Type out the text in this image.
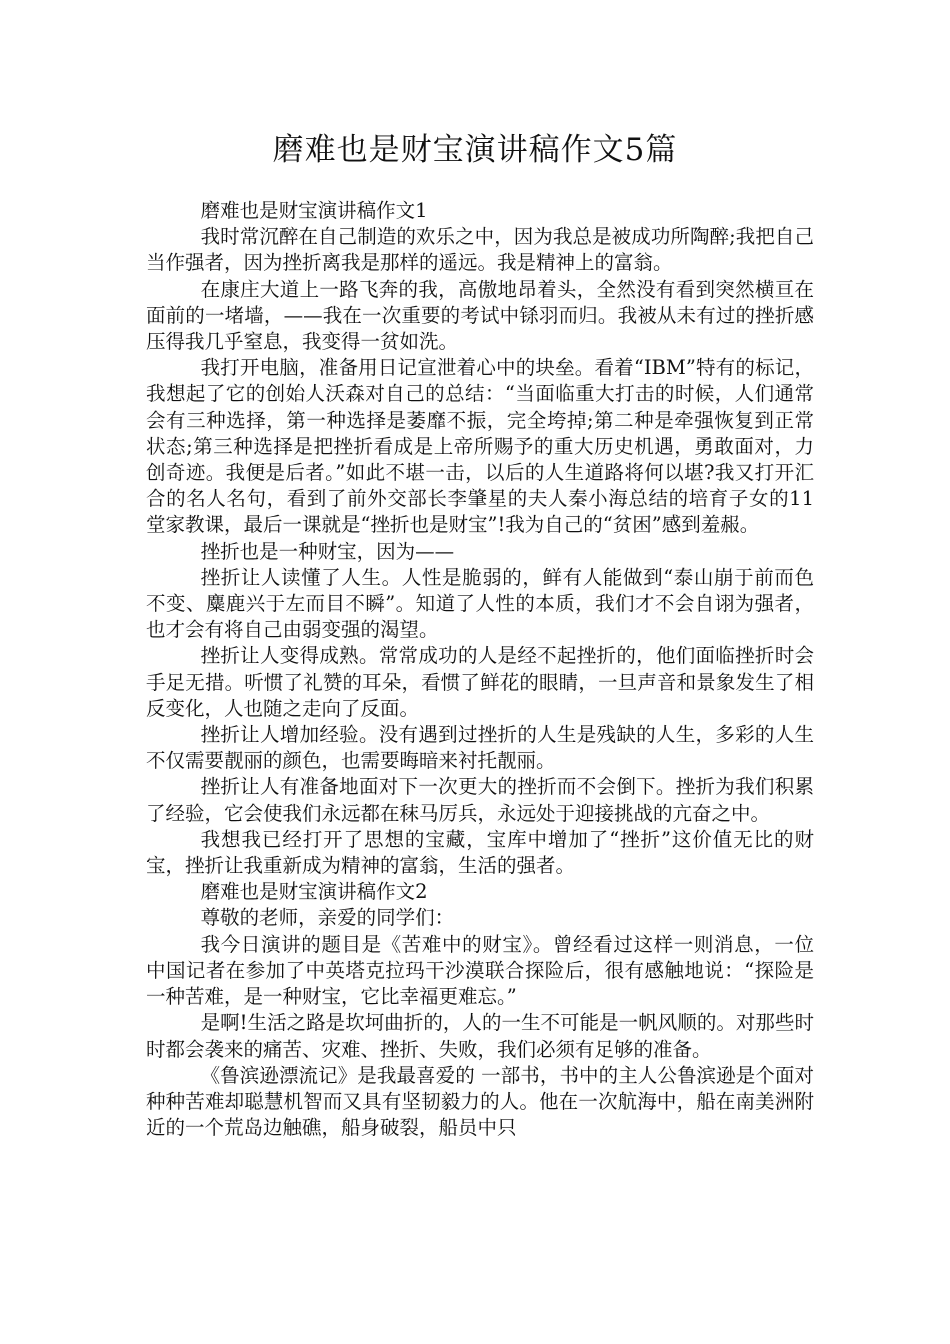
磨难也是财宝演讲稿作文5篇

磨难也是财宝演讲稿作文1

我时常沉醉在自己制造的欢乐之中，因为我总是被成功所陶醉;我把自己当作强者，因为挫折离我是那样的遥远。我是精神上的富翁。

在康庄大道上一路飞奔的我，高傲地昂着头，全然没有看到突然横亘在面前的一堵墙，——我在一次重要的考试中铩羽而归。我被从未有过的挫折感压得我几乎窒息，我变得一贫如洗。

我打开电脑，准备用日记宣泄着心中的块垒。看着“IBM”特有的标记，我想起了它的创始人沃森对自己的总结：“当面临重大打击的时候，人们通常会有三种选择，第一种选择是萎靡不振，完全垮掉;第二种是牵强恢复到正常状态;第三种选择是把挫折看成是上帝所赐予的重大历史机遇，勇敢面对，力创奇迹。我便是后者。”如此不堪一击，以后的人生道路将何以堪?我又打开汇合的名人名句，看到了前外交部长李肇星的夫人秦小海总结的培育子女的11堂家教课，最后一课就是“挫折也是财宝”!我为自己的“贫困”感到羞赧。

挫折也是一种财宝，因为——

挫折让人读懂了人生。人性是脆弱的，鲜有人能做到“泰山崩于前而色不变、麋鹿兴于左而目不瞬”。知道了人性的本质，我们才不会自诩为强者，也才会有将自己由弱变强的渴望。

挫折让人变得成熟。常常成功的人是经不起挫折的，他们面临挫折时会手足无措。听惯了礼赞的耳朵，看惯了鲜花的眼睛，一旦声音和景象发生了相反变化，人也随之走向了反面。

挫折让人增加经验。没有遇到过挫折的人生是残缺的人生，多彩的人生不仅需要靓丽的颜色，也需要晦暗来衬托靓丽。

挫折让人有准备地面对下一次更大的挫折而不会倒下。挫折为我们积累了经验，它会使我们永远都在秣马厉兵，永远处于迎接挑战的亢奋之中。

我想我已经打开了思想的宝藏，宝库中增加了“挫折”这价值无比的财宝，挫折让我重新成为精神的富翁，生活的强者。

磨难也是财宝演讲稿作文2

尊敬的老师，亲爱的同学们：

我今日演讲的题目是《苦难中的财宝》。曾经看过这样一则消息，一位中国记者在参加了中英塔克拉玛干沙漠联合探险后，很有感触地说：“探险是一种苦难，是一种财宝，它比幸福更难忘。”

是啊!生活之路是坎坷曲折的，人的一生不可能是一帆风顺的。对那些时时都会袭来的痛苦、灾难、挫折、失败，我们必须有足够的准备。

《鲁滨逊漂流记》是我最喜爱的 一部书，书中的主人公鲁滨逊是个面对种种苦难却聪慧机智而又具有坚韧毅力的人。他在一次航海中，船在南美洲附近的一个荒岛边触礁，船身破裂，船员中只
